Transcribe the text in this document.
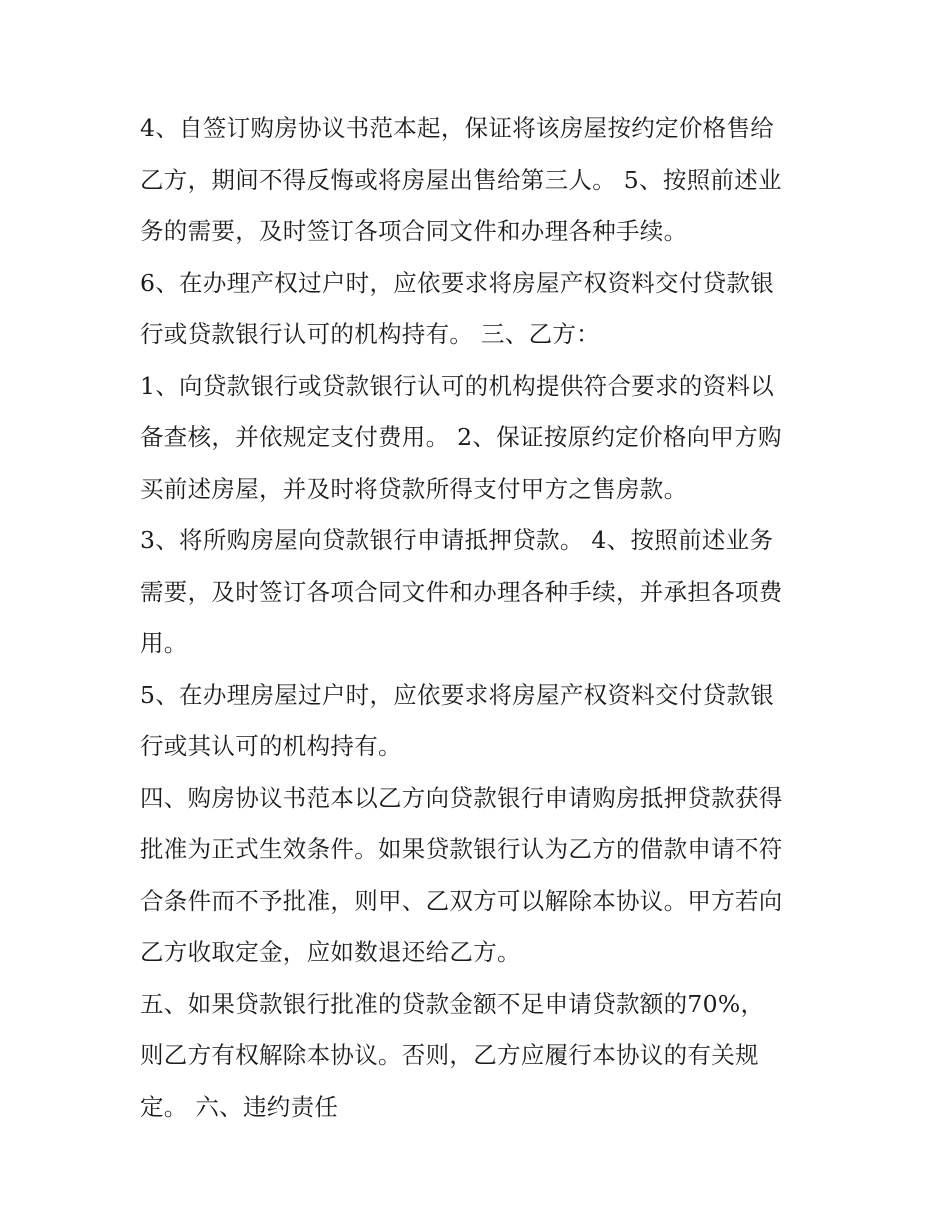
4、自签订购房协议书范本起，保证将该房屋按约定价格售给
乙方，期间不得反悔或将房屋出售给第三人。 5、按照前述业
务的需要，及时签订各项合同文件和办理各种手续。
6、在办理产权过户时，应依要求将房屋产权资料交付贷款银
行或贷款银行认可的机构持有。 三、乙方：
1、向贷款银行或贷款银行认可的机构提供符合要求的资料以
备查核，并依规定支付费用。 2、保证按原约定价格向甲方购
买前述房屋，并及时将贷款所得支付甲方之售房款。
3、将所购房屋向贷款银行申请抵押贷款。 4、按照前述业务
需要，及时签订各项合同文件和办理各种手续，并承担各项费
用。
5、在办理房屋过户时，应依要求将房屋产权资料交付贷款银
行或其认可的机构持有。
四、购房协议书范本以乙方向贷款银行申请购房抵押贷款获得
批准为正式生效条件。如果贷款银行认为乙方的借款申请不符
合条件而不予批准，则甲、乙双方可以解除本协议。甲方若向
乙方收取定金，应如数退还给乙方。
五、如果贷款银行批准的贷款金额不足申请贷款额的70%，
则乙方有权解除本协议。否则，乙方应履行本协议的有关规
定。 六、违约责任
